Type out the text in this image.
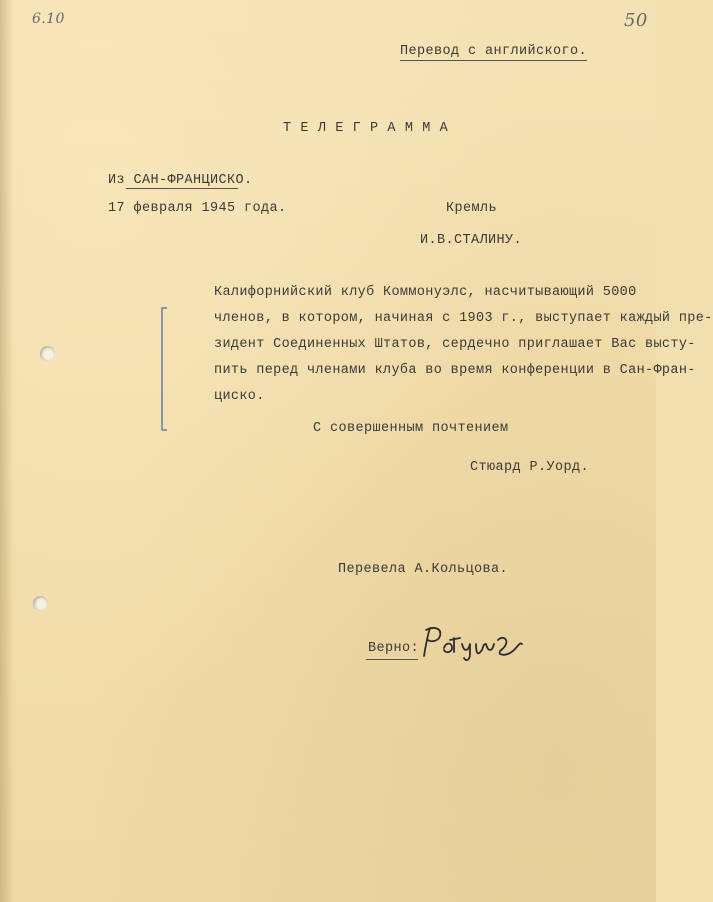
6.10	50
Перевод с английского.
Т Е Л Е Г Р А М М А
Из САН-ФРАНЦИСКО.
17 февраля 1945 года.	Кремль
И.В.СТАЛИНУ.
Калифорнийский клуб Коммонуэлс, насчитывающий 5000
членов, в котором, начиная с 1903 г., выступает каждый пре-
зидент Соединенных Штатов, сердечно приглашает Вас высту-
пить перед членами клуба во время конференции в Сан-Фран-
циско.
С совершенным почтением
Стюард Р.Уорд.
Перевела А.Кольцова.
Верно:
